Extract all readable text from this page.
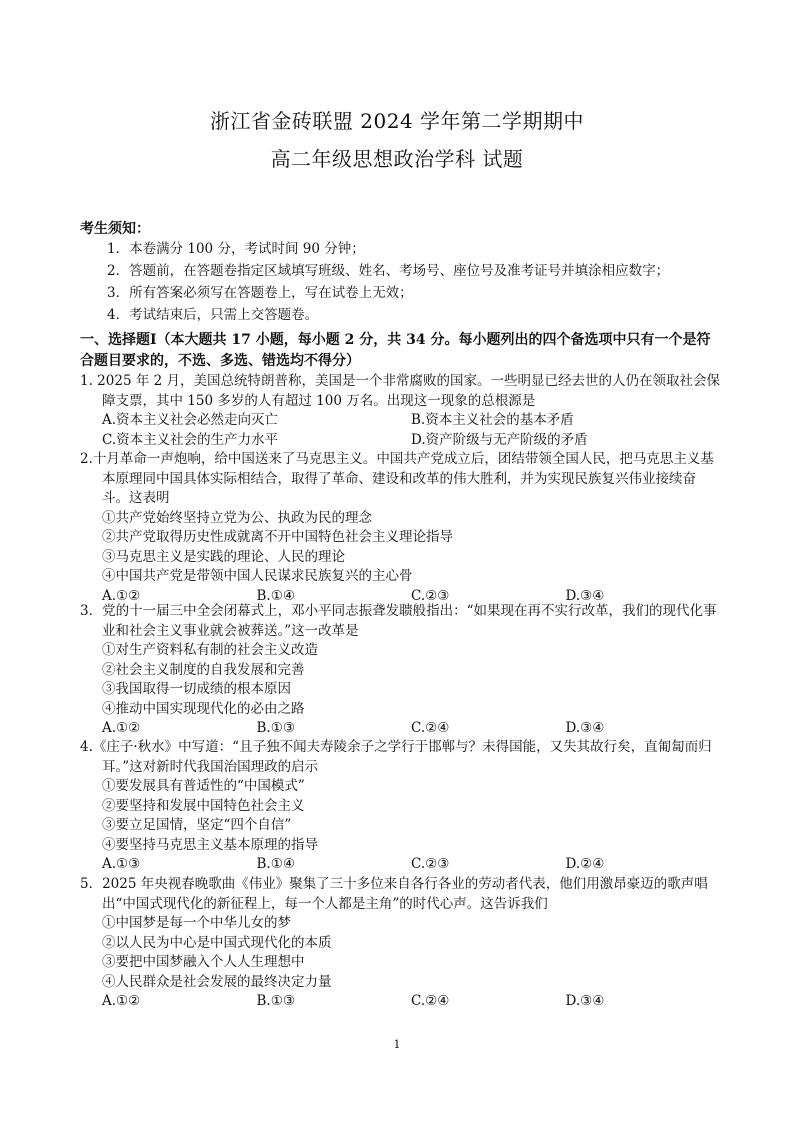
浙江省金砖联盟 2024 学年第二学期期中
高二年级思想政治学科 试题
考生须知：
1．本卷满分 100 分，考试时间 90 分钟；
2．答题前，在答题卷指定区域填写班级、姓名、考场号、座位号及准考证号并填涂相应数字；
3．所有答案必须写在答题卷上，写在试卷上无效；
4．考试结束后，只需上交答题卷。
一、选择题Ⅰ（本大题共 17 小题，每小题 2 分，共 34 分。每小题列出的四个备选项中只有一个是符合题目要求的，不选、多选、错选均不得分）

1. 2025 年 2 月，美国总统特朗普称，美国是一个非常腐败的国家。一些明显已经去世的人仍在领取社会保障支票，其中 150 多岁的人有超过 100 万名。出现这一现象的总根源是

A.资本主义社会必然走向灭亡	B.资本主义社会的基本矛盾
C.资本主义社会的生产力水平	D.资产阶级与无产阶级的矛盾

2.十月革命一声炮响，给中国送来了马克思主义。中国共产党成立后，团结带领全国人民，把马克思主义基本原理同中国具体实际相结合，取得了革命、建设和改革的伟大胜利，并为实现民族复兴伟业接续奋斗。这表明

①共产党始终坚持立党为公、执政为民的理念

②共产党取得历史性成就离不开中国特色社会主义理论指导

③马克思主义是实践的理论、人民的理论

④中国共产党是带领中国人民谋求民族复兴的主心骨

A.①②	B.①④	C.②③	D.③④

3．党的十一届三中全会闭幕式上，邓小平同志振聋发聩般指出：“如果现在再不实行改革，我们的现代化事业和社会主义事业就会被葬送。”这一改革是

①对生产资料私有制的社会主义改造

②社会主义制度的自我发展和完善

③我国取得一切成绩的根本原因

④推动中国实现现代化的必由之路

A.①②	B.①③	C.②④	D.③④

4.《庄子·秋水》中写道：“且子独不闻夫寿陵余子之学行于邯郸与？未得国能，又失其故行矣，直匍匐而归耳。”这对新时代我国治国理政的启示

①要发展具有普适性的“中国模式”

②要坚持和发展中国特色社会主义

③要立足国情，坚定“四个自信”

④要坚持马克思主义基本原理的指导

A.①③	B.①④	C.②③	D.②④

5．2025 年央视春晚歌曲《伟业》聚集了三十多位来自各行各业的劳动者代表，他们用激昂豪迈的歌声唱出“中国式现代化的新征程上，每一个人都是主角”的时代心声。这告诉我们

①中国梦是每一个中华儿女的梦

②以人民为中心是中国式现代化的本质

③要把中国梦融入个人人生理想中

④人民群众是社会发展的最终决定力量

A.①②	B.①③	C.②④	D.③④
1
